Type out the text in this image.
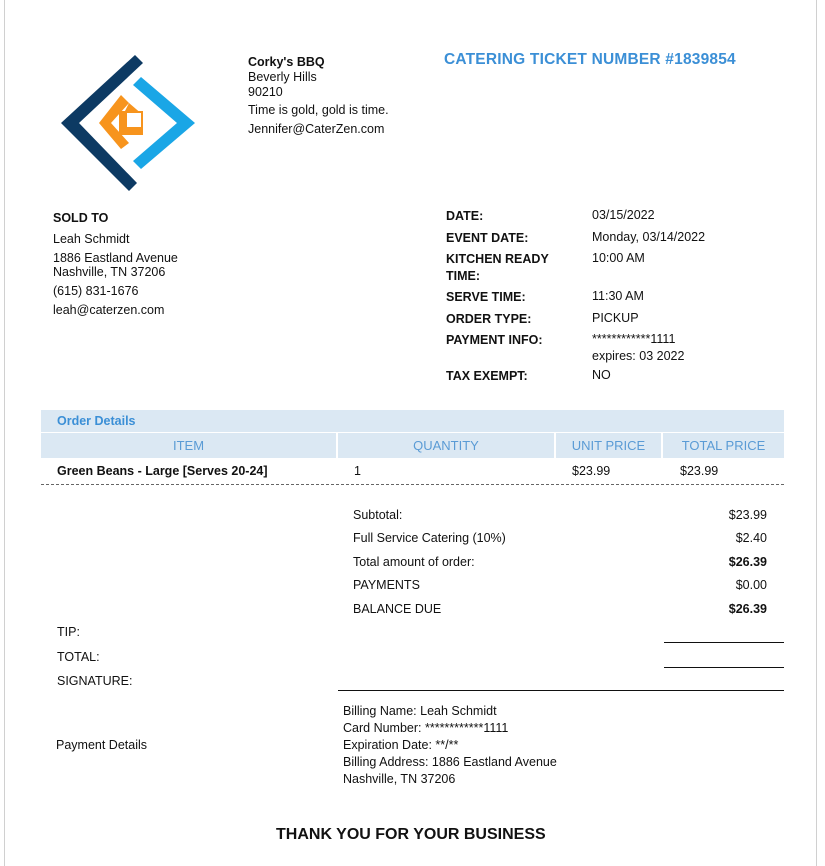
Corky's BBQ
Beverly Hills
90210
Time is gold, gold is time.
Jennifer@CaterZen.com
CATERING TICKET NUMBER #1839854
SOLD TO
Leah Schmidt
1886 Eastland Avenue
Nashville, TN 37206
(615) 831-1676
leah@caterzen.com
DATE:	03/15/2022
EVENT DATE:	Monday, 03/14/2022
KITCHEN READY
TIME:
10:00 AM
SERVE TIME:	11:30 AM
ORDER TYPE:	PICKUP
PAYMENT INFO:	************1111
expires: 03 2022
TAX EXEMPT:	NO
Order Details
ITEM	QUANTITY	UNIT PRICE	TOTAL PRICE
Green Beans - Large [Serves 20-24]	1	$23.99	$23.99
Subtotal:	$23.99
Full Service Catering (10%)	$2.40
Total amount of order:	$26.39
PAYMENTS	$0.00
BALANCE DUE	$26.39
TIP:
TOTAL:
SIGNATURE:
Payment Details
Billing Name: Leah Schmidt
Card Number: ************1111
Expiration Date: **/**
Billing Address: 1886 Eastland Avenue
Nashville, TN 37206
THANK YOU FOR YOUR BUSINESS
